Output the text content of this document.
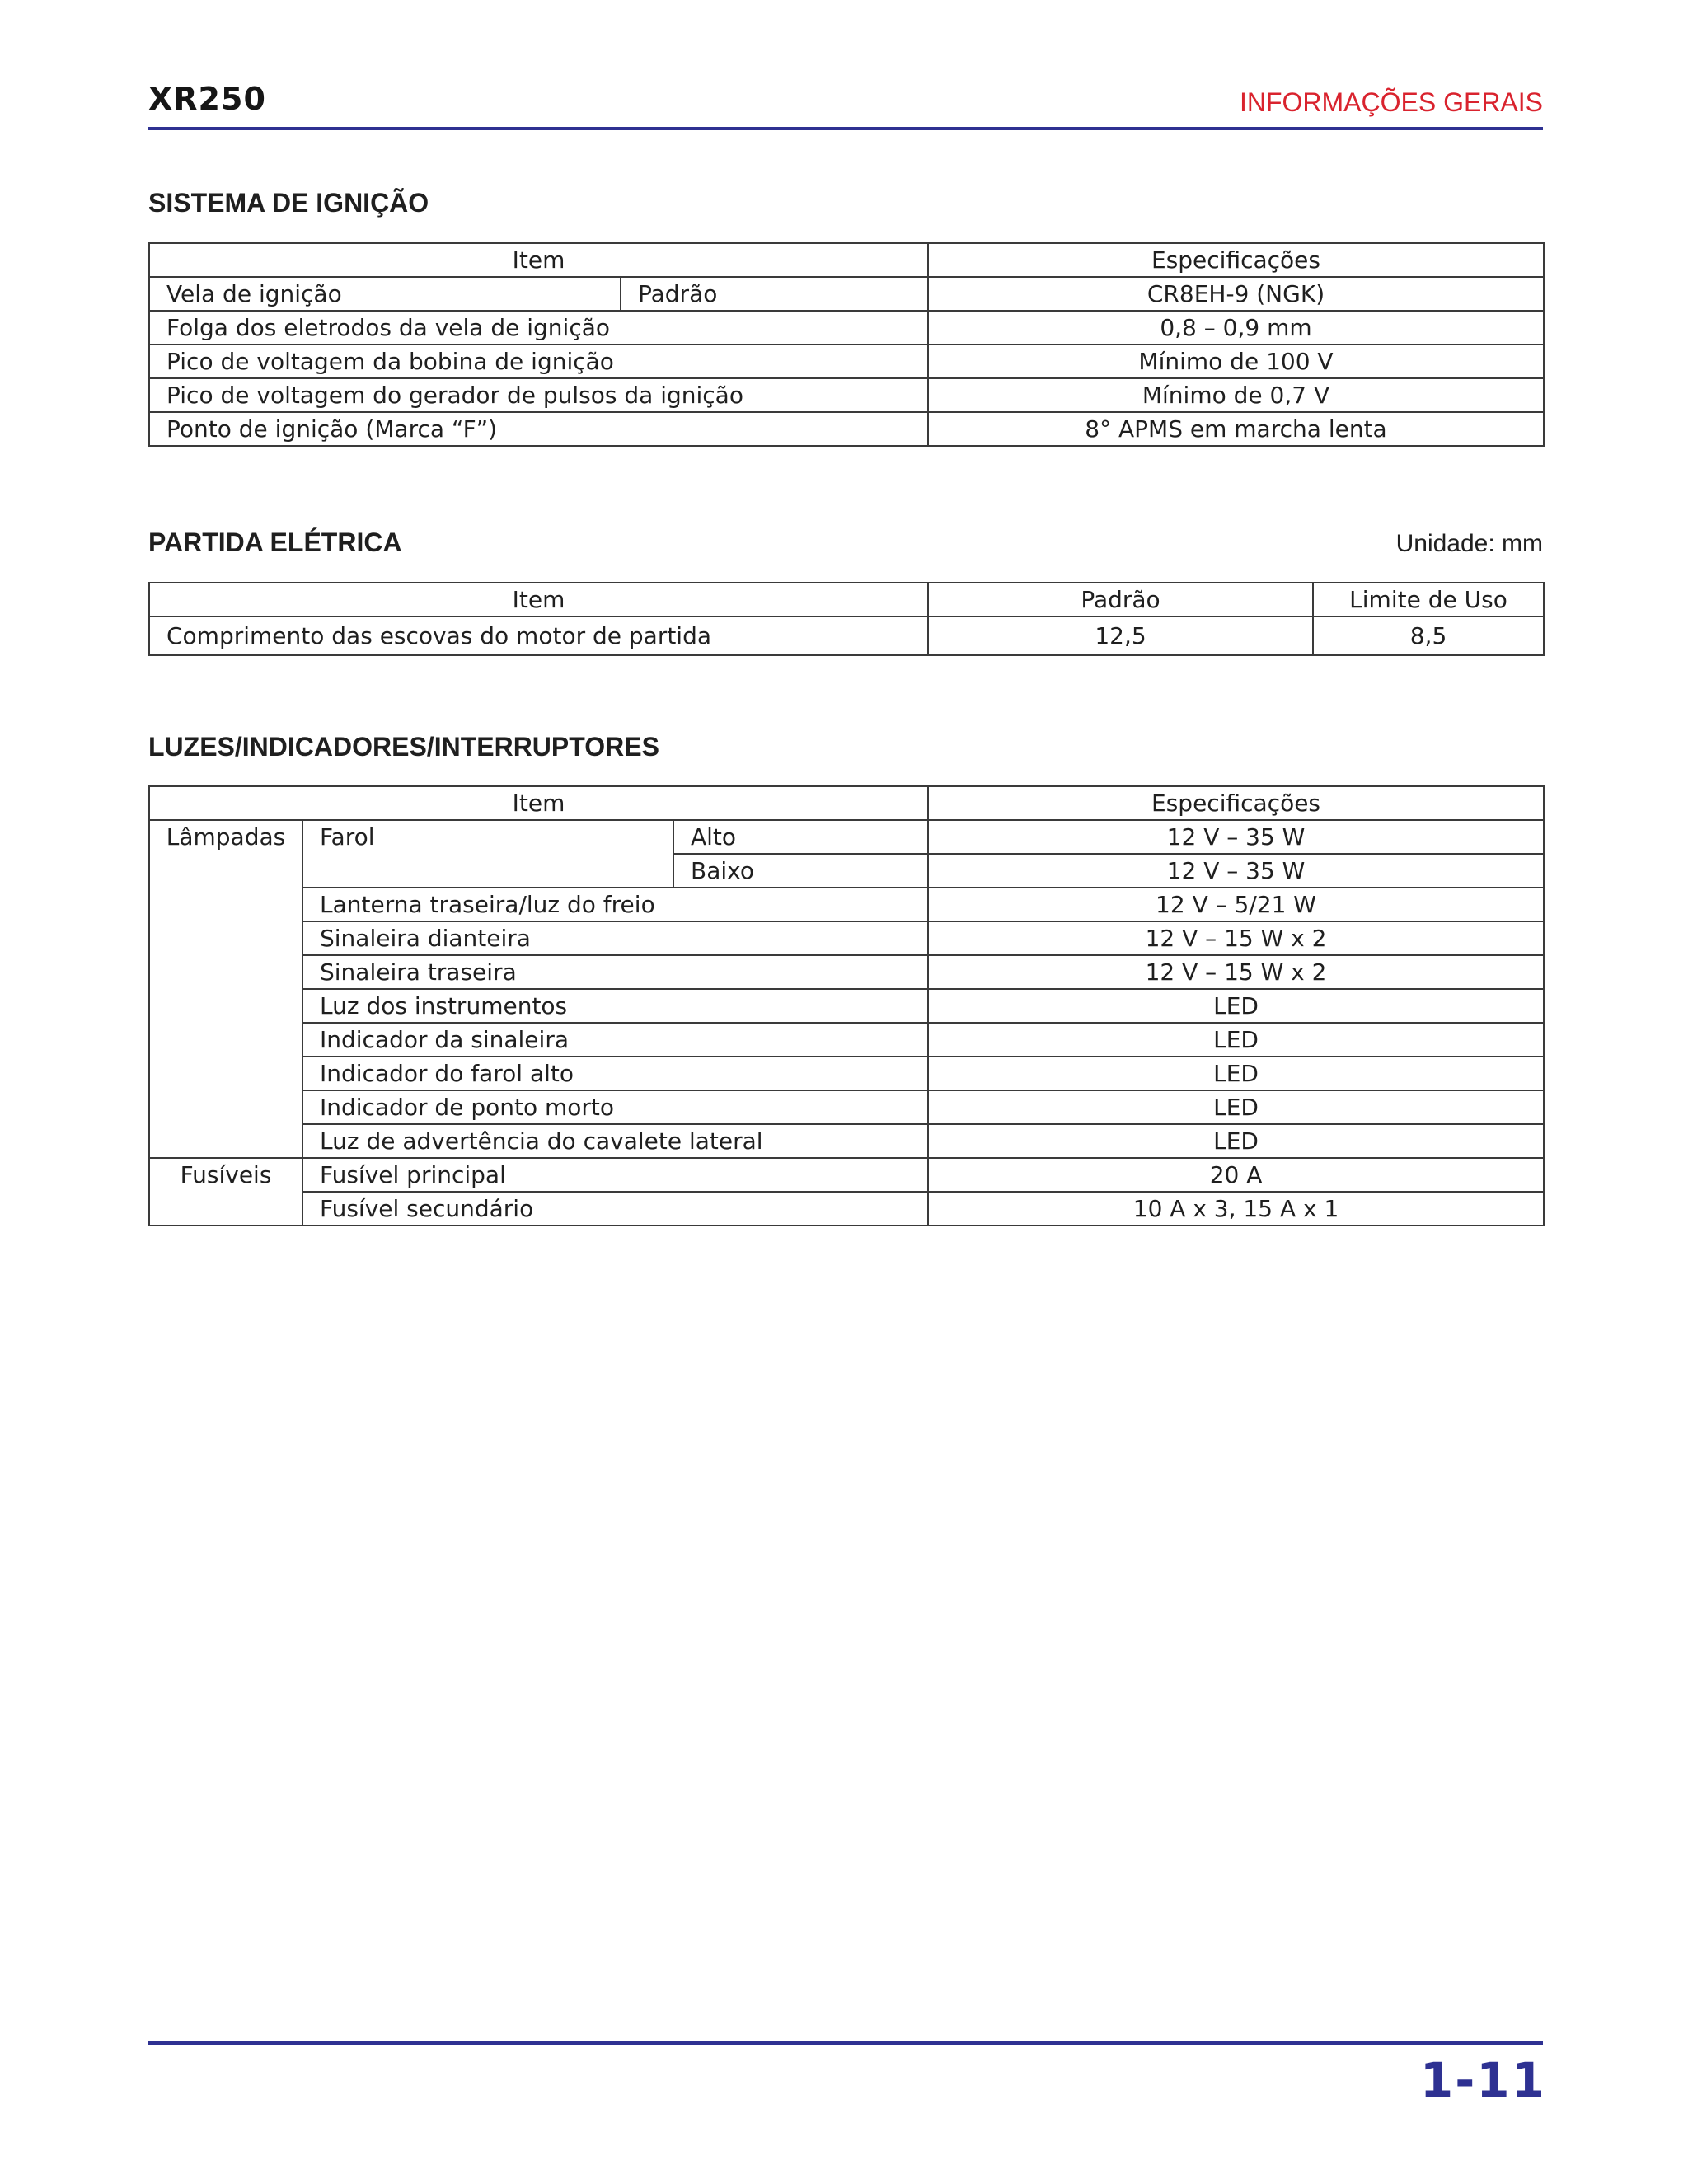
XR250	INFORMAÇÕES GERAIS
SISTEMA DE IGNIÇÃO
Item		Especificações
Vela de ignição	Padrão	CR8EH-9 (NGK)
Folga dos eletrodos da vela de ignição		0,8 – 0,9 mm
Pico de voltagem da bobina de ignição		Mínimo de 100 V
Pico de voltagem do gerador de pulsos da ignição		Mínimo de 0,7 V
Ponto de ignição (Marca “F”)		8° APMS em marcha lenta
PARTIDA ELÉTRICA	Unidade: mm
Item	Padrão	Limite de Uso
Comprimento das escovas do motor de partida	12,5	8,5
LUZES/INDICADORES/INTERRUPTORES
Item			Especificações
Lâmpadas	Farol	Alto	12 V – 35 W
		Baixo	12 V – 35 W
	Lanterna traseira/luz do freio		12 V – 5/21 W
	Sinaleira dianteira		12 V – 15 W x 2
	Sinaleira traseira		12 V – 15 W x 2
	Luz dos instrumentos		LED
	Indicador da sinaleira		LED
	Indicador do farol alto		LED
	Indicador de ponto morto		LED
	Luz de advertência do cavalete lateral		LED
Fusíveis	Fusível principal		20 A
	Fusível secundário		10 A x 3, 15 A x 1
1-11
